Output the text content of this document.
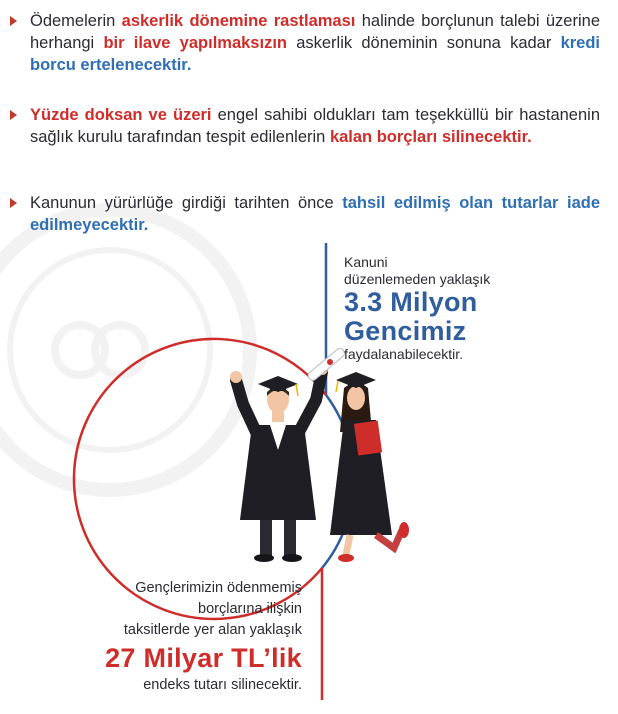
Ödemelerin askerlik dönemine rastlaması halinde borçlunun talebi üzerine herhangi bir ilave yapılmaksızın askerlik döneminin sonuna kadar kredi borcu ertelenecektir.
Yüzde doksan ve üzeri engel sahibi oldukları tam teşekküllü bir hastanenin sağlık kurulu tarafından tespit edilenlerin kalan borçları silinecektir.
Kanunun yürürlüğe girdiği tarihten önce tahsil edilmiş olan tutarlar iade edilmeyecektir.
Kanuni
düzenlemeden yaklaşık
3.3 Milyon
Gencimiz
faydalanabilecektir.
Gençlerimizin ödenmemiş
borçlarına ilişkin
taksitlerde yer alan yaklaşık
27 Milyar TL’lik
endeks tutarı silinecektir.
